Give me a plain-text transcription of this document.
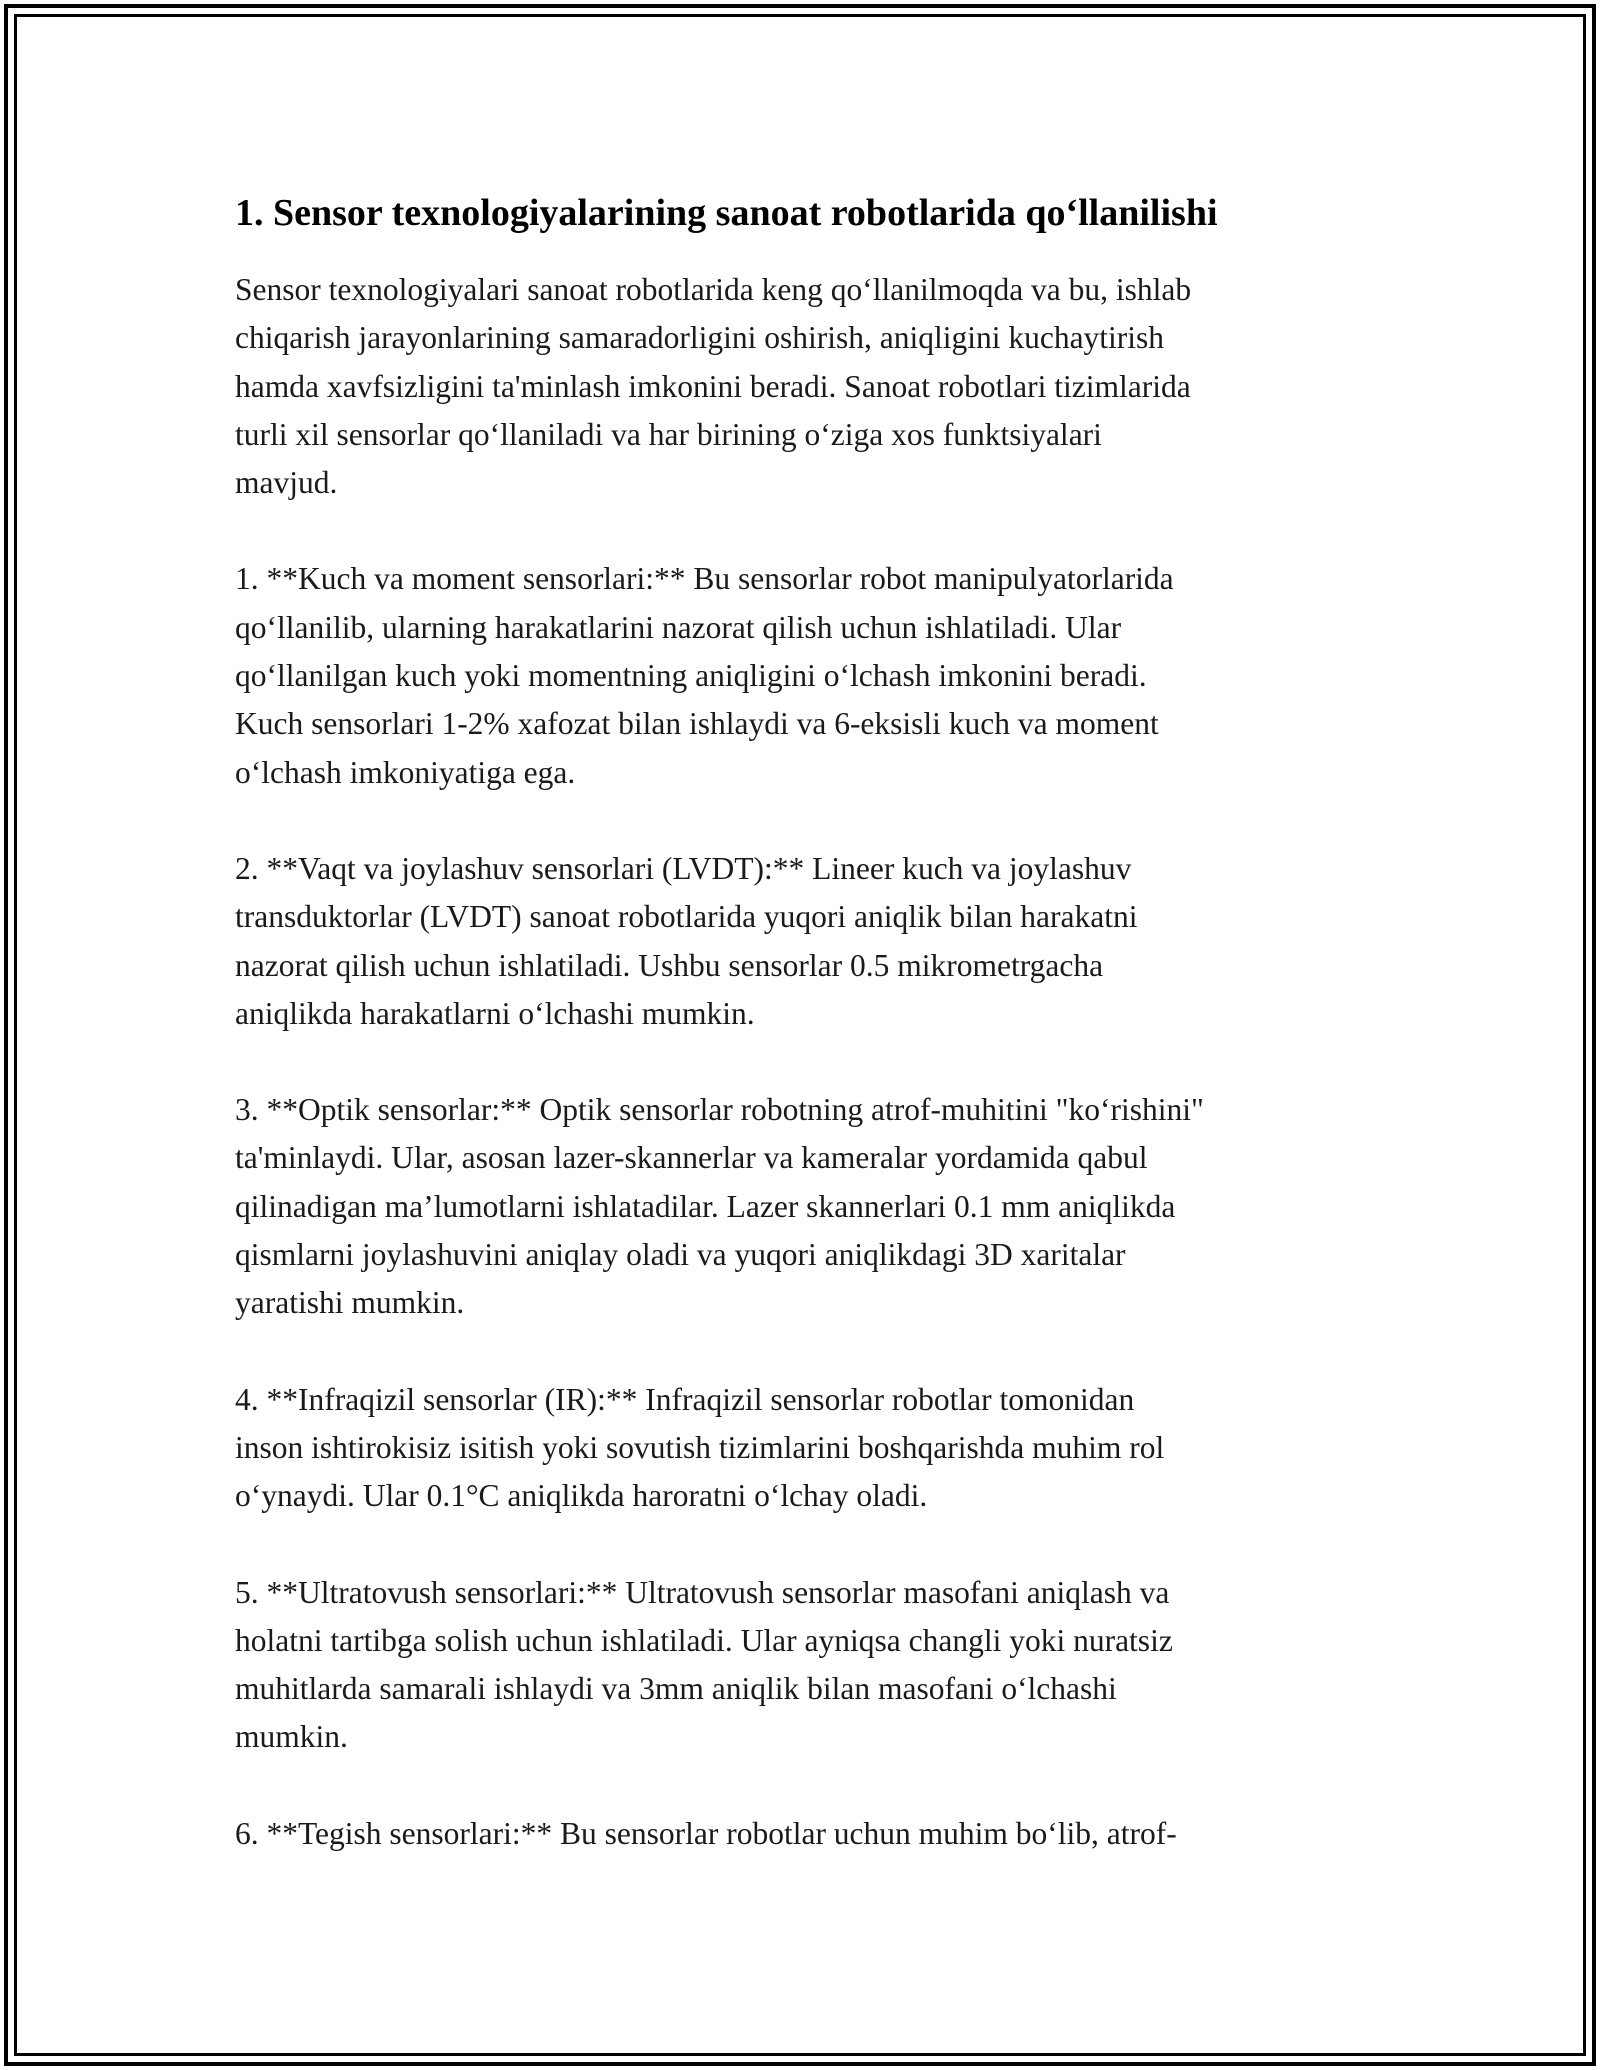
1. Sensor texnologiyalarining sanoat robotlarida qo‘llanilishi

Sensor texnologiyalari sanoat robotlarida keng qo‘llanilmoqda va bu, ishlab
chiqarish jarayonlarining samaradorligini oshirish, aniqligini kuchaytirish
hamda xavfsizligini ta'minlash imkonini beradi. Sanoat robotlari tizimlarida
turli xil sensorlar qo‘llaniladi va har birining o‘ziga xos funktsiyalari
mavjud.

1. **Kuch va moment sensorlari:** Bu sensorlar robot manipulyatorlarida
qo‘llanilib, ularning harakatlarini nazorat qilish uchun ishlatiladi. Ular
qo‘llanilgan kuch yoki momentning aniqligini o‘lchash imkonini beradi.
Kuch sensorlari 1-2% xafozat bilan ishlaydi va 6-eksisli kuch va moment
o‘lchash imkoniyatiga ega.

2. **Vaqt va joylashuv sensorlari (LVDT):** Lineer kuch va joylashuv
transduktorlar (LVDT) sanoat robotlarida yuqori aniqlik bilan harakatni
nazorat qilish uchun ishlatiladi. Ushbu sensorlar 0.5 mikrometrgacha
aniqlikda harakatlarni o‘lchashi mumkin.

3. **Optik sensorlar:** Optik sensorlar robotning atrof-muhitini "ko‘rishini"
ta'minlaydi. Ular, asosan lazer-skannerlar va kameralar yordamida qabul
qilinadigan ma’lumotlarni ishlatadilar. Lazer skannerlari 0.1 mm aniqlikda
qismlarni joylashuvini aniqlay oladi va yuqori aniqlikdagi 3D xaritalar
yaratishi mumkin.

4. **Infraqizil sensorlar (IR):** Infraqizil sensorlar robotlar tomonidan
inson ishtirokisiz isitish yoki sovutish tizimlarini boshqarishda muhim rol
o‘ynaydi. Ular 0.1°C aniqlikda haroratni o‘lchay oladi.

5. **Ultratovush sensorlari:** Ultratovush sensorlar masofani aniqlash va
holatni tartibga solish uchun ishlatiladi. Ular ayniqsa changli yoki nuratsiz
muhitlarda samarali ishlaydi va 3mm aniqlik bilan masofani o‘lchashi
mumkin.

6. **Tegish sensorlari:** Bu sensorlar robotlar uchun muhim bo‘lib, atrof-
